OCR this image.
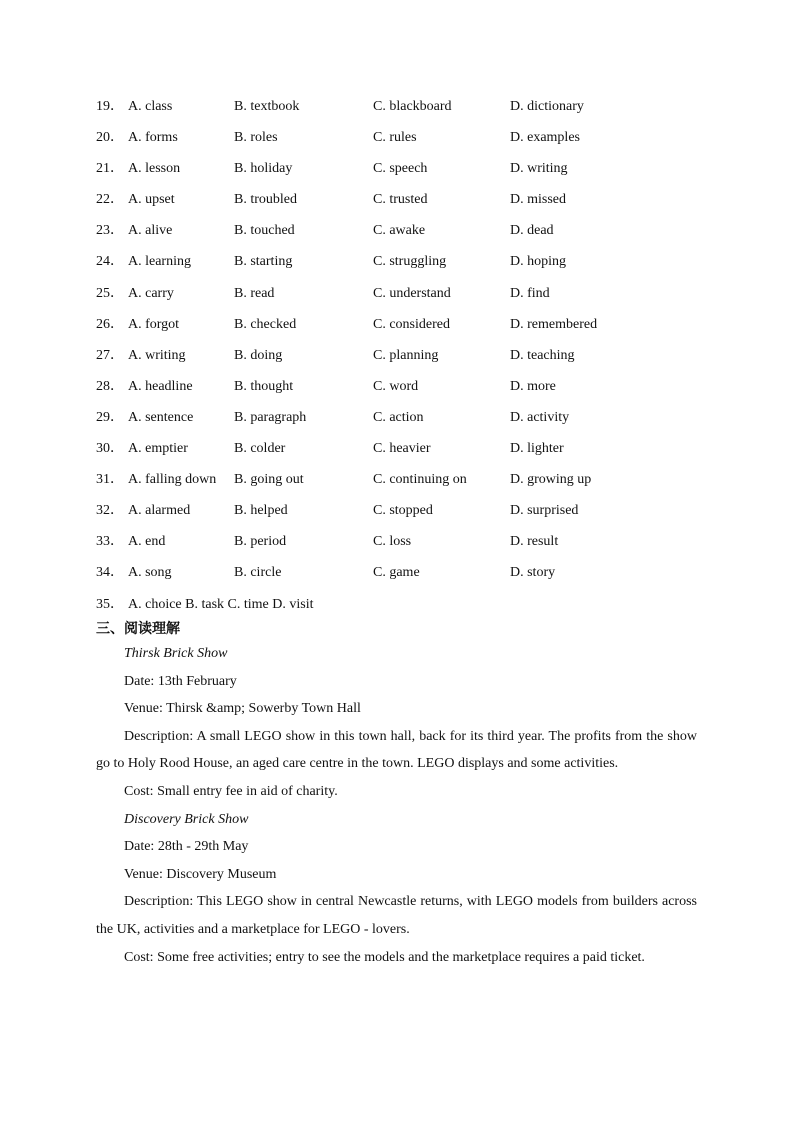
19． A. class	B. textbook	C. blackboard	D. dictionary
20． A. forms	B. roles	C. rules	D. examples
21． A. lesson	B. holiday	C. speech	D. writing
22． A. upset	B. troubled	C. trusted	D. missed
23． A. alive	B. touched	C. awake	D. dead
24． A. learning	B. starting	C. struggling	D. hoping
25． A. carry	B. read	C. understand	D. find
26． A. forgot	B. checked	C. considered	D. remembered
27． A. writing	B. doing	C. planning	D. teaching
28． A. headline	B. thought	C. word	D. more
29． A. sentence	B. paragraph	C. action	D. activity
30． A. emptier	B. colder	C. heavier	D. lighter
31． A. falling down B. going out	C. continuing on	D. growing up
32． A. alarmed	B. helped	C. stopped	D. surprised
33． A. end	B. period	C. loss	D. result
34． A. song	B. circle	C. game	D. story
35． A. choice B. task C. time D. visit
三、阅读理解

Thirsk Brick Show

Date: 13th February

Venue: Thirsk &amp; Sowerby Town Hall

Description: A small LEGO show in this town hall, back for its third year. The profits from the show go to Holy Rood House, an aged care centre in the town. LEGO displays and some activities.

Cost: Small entry fee in aid of charity.

Discovery Brick Show

Date: 28th - 29th May

Venue: Discovery Museum

Description: This LEGO show in central Newcastle returns, with LEGO models from builders across the UK, activities and a marketplace for LEGO - lovers.

Cost: Some free activities; entry to see the models and the marketplace requires a paid ticket.
